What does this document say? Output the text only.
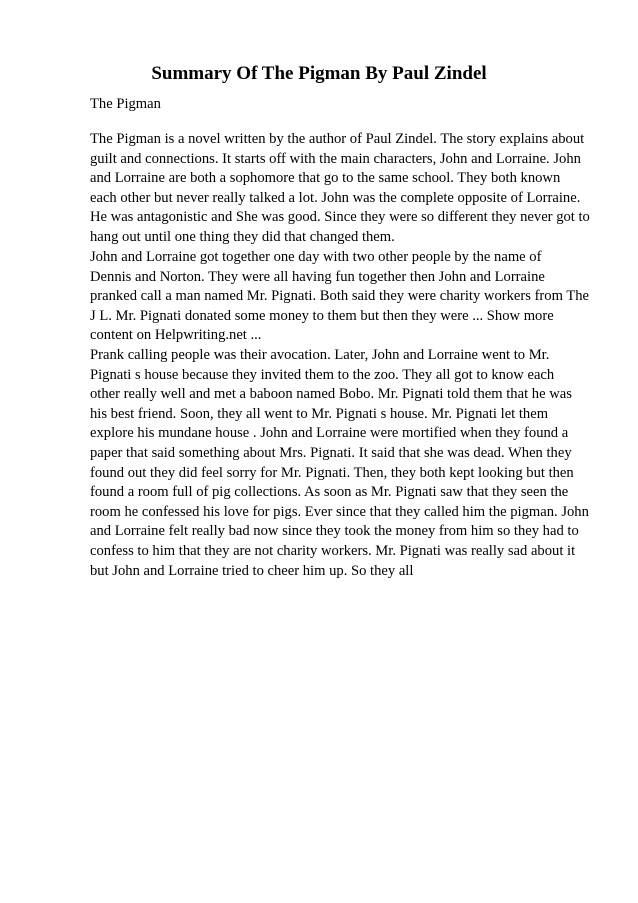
Summary Of The Pigman By Paul Zindel

The Pigman

The Pigman is a novel written by the author of Paul Zindel. The story explains about
guilt and connections. It starts off with the main characters, John and Lorraine. John
and Lorraine are both a sophomore that go to the same school. They both known
each other but never really talked a lot. John was the complete opposite of Lorraine.
He was antagonistic and She was good. Since they were so different they never got to
hang out until one thing they did that changed them.
John and Lorraine got together one day with two other people by the name of
Dennis and Norton. They were all having fun together then John and Lorraine
pranked call a man named Mr. Pignati. Both said they were charity workers from The
J L. Mr. Pignati donated some money to them but then they were ... Show more
content on Helpwriting.net ...
Prank calling people was their avocation. Later, John and Lorraine went to Mr.
Pignati s house because they invited them to the zoo. They all got to know each
other really well and met a baboon named Bobo. Mr. Pignati told them that he was
his best friend. Soon, they all went to Mr. Pignati s house. Mr. Pignati let them
explore his mundane house . John and Lorraine were mortified when they found a
paper that said something about Mrs. Pignati. It said that she was dead. When they
found out they did feel sorry for Mr. Pignati. Then, they both kept looking but then
found a room full of pig collections. As soon as Mr. Pignati saw that they seen the
room he confessed his love for pigs. Ever since that they called him the pigman. John
and Lorraine felt really bad now since they took the money from him so they had to
confess to him that they are not charity workers. Mr. Pignati was really sad about it
but John and Lorraine tried to cheer him up. So they all
